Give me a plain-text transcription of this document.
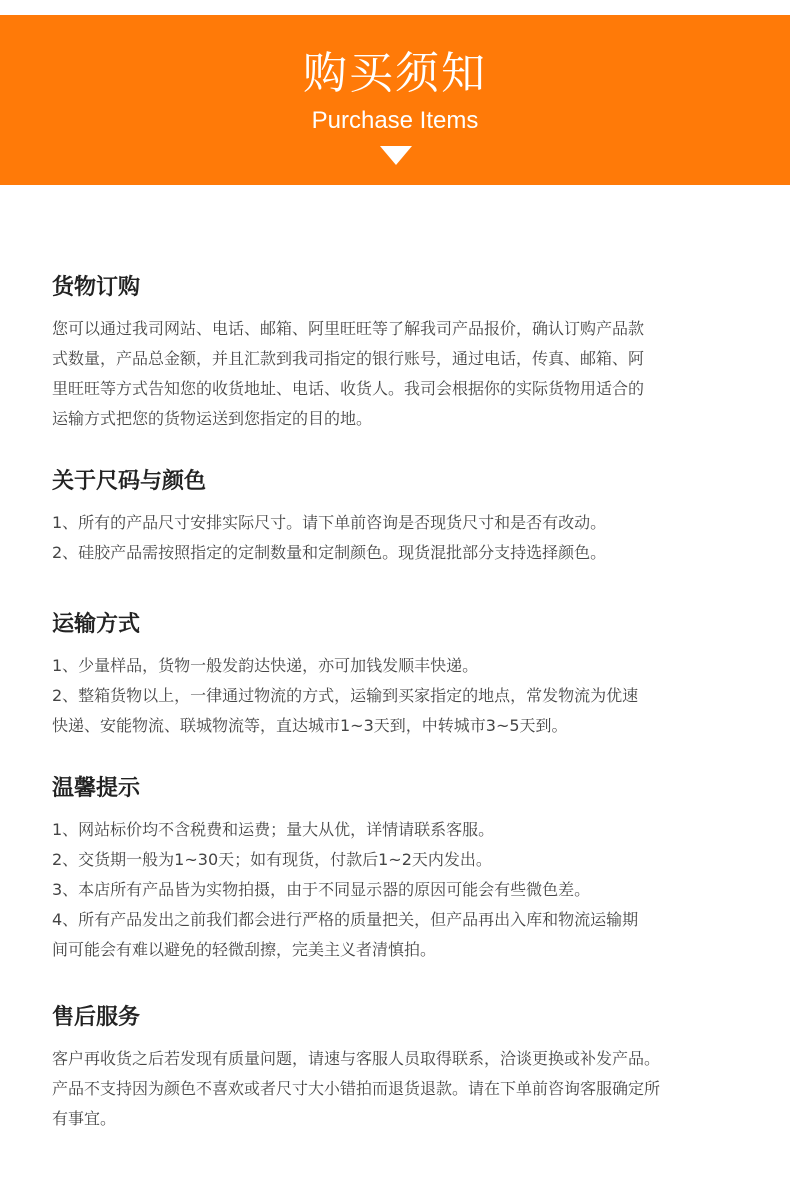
购买须知
Purchase Items
货物订购

您可以通过我司网站、电话、邮箱、阿里旺旺等了解我司产品报价，确认订购产品款

式数量，产品总金额，并且汇款到我司指定的银行账号，通过电话，传真、邮箱、阿

里旺旺等方式告知您的收货地址、电话、收货人。我司会根据你的实际货物用适合的

运输方式把您的货物运送到您指定的目的地。

关于尺码与颜色

1、所有的产品尺寸安排实际尺寸。请下单前咨询是否现货尺寸和是否有改动。

2、硅胶产品需按照指定的定制数量和定制颜色。现货混批部分支持选择颜色。

运输方式

1、少量样品，货物一般发韵达快递，亦可加钱发顺丰快递。

2、整箱货物以上，一律通过物流的方式，运输到买家指定的地点，常发物流为优速

快递、安能物流、联城物流等，直达城市1~3天到，中转城市3~5天到。

温馨提示

1、网站标价均不含税费和运费；量大从优，详情请联系客服。

2、交货期一般为1~30天；如有现货，付款后1~2天内发出。

3、本店所有产品皆为实物拍摄，由于不同显示器的原因可能会有些微色差。

4、所有产品发出之前我们都会进行严格的质量把关，但产品再出入库和物流运输期

间可能会有难以避免的轻微刮擦，完美主义者清慎拍。

售后服务

客户再收货之后若发现有质量问题，请速与客服人员取得联系，洽谈更换或补发产品。

产品不支持因为颜色不喜欢或者尺寸大小错拍而退货退款。请在下单前咨询客服确定所

有事宜。
